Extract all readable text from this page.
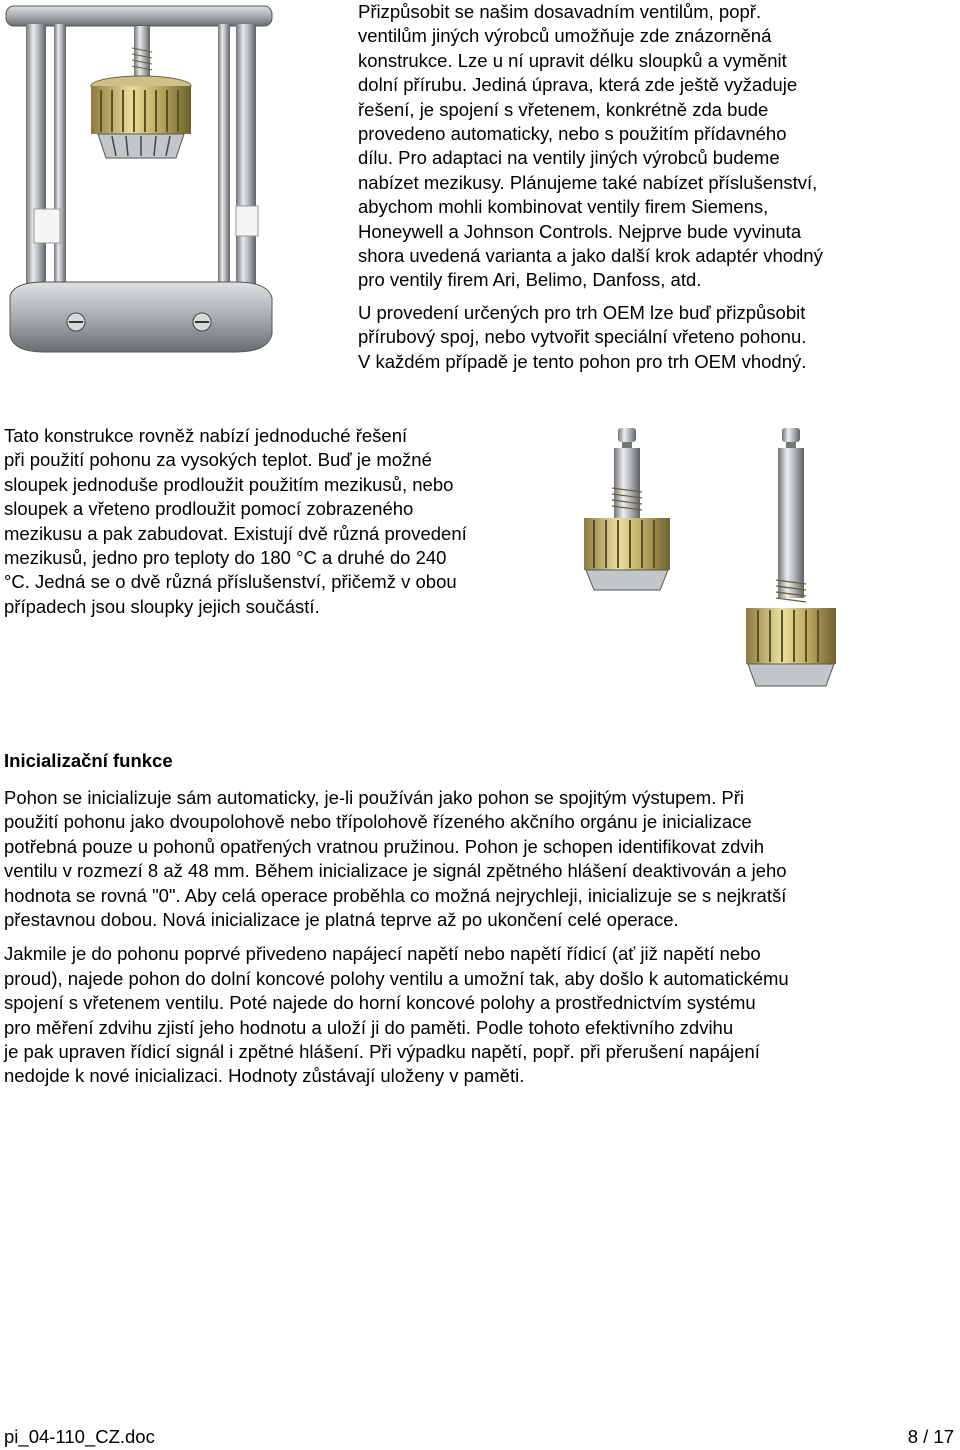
Přizpůsobit se našim dosavadním ventilům, popř.
ventilům jiných výrobců umožňuje zde znázorněná
konstrukce. Lze u ní upravit délku sloupků a vyměnit
dolní přírubu. Jediná úprava, která zde ještě vyžaduje
řešení, je spojení s vřetenem, konkrétně zda bude
provedeno automaticky, nebo s použitím přídavného
dílu. Pro adaptaci na ventily jiných výrobců budeme
nabízet mezikusy. Plánujeme také nabízet příslušenství,
abychom mohli kombinovat ventily firem Siemens,
Honeywell a Johnson Controls. Nejprve bude vyvinuta
shora uvedená varianta a jako další krok adaptér vhodný
pro ventily firem Ari, Belimo, Danfoss, atd.

U provedení určených pro trh OEM lze buď přizpůsobit
přírubový spoj, nebo vytvořit speciální vřeteno pohonu.
V každém případě je tento pohon pro trh OEM vhodný.

Tato konstrukce rovněž nabízí jednoduché řešení
při použití pohonu za vysokých teplot. Buď je možné
sloupek jednoduše prodloužit použitím mezikusů, nebo
sloupek a vřeteno prodloužit pomocí zobrazeného
mezikusu a pak zabudovat. Existují dvě různá provedení
mezikusů, jedno pro teploty do 180 °C a druhé do 240
°C. Jedná se o dvě různá příslušenství, přičemž v obou
případech jsou sloupky jejich součástí.

Inicializační funkce

Pohon se inicializuje sám automaticky, je-li používán jako pohon se spojitým výstupem. Při
použití pohonu jako dvoupolohově nebo třípolohově řízeného akčního orgánu je inicializace
potřebná pouze u pohonů opatřených vratnou pružinou. Pohon je schopen identifikovat zdvih
ventilu v rozmezí 8 až 48 mm. Během inicializace je signál zpětného hlášení deaktivován a jeho
hodnota se rovná "0". Aby celá operace proběhla co možná nejrychleji, inicializuje se s nejkratší
přestavnou dobou. Nová inicializace je platná teprve až po ukončení celé operace.

Jakmile je do pohonu poprvé přivedeno napájecí napětí nebo napětí řídicí (ať již napětí nebo
proud), najede pohon do dolní koncové polohy ventilu a umožní tak, aby došlo k automatickému
spojení s vřetenem ventilu. Poté najede do horní koncové polohy a prostřednictvím systému
pro měření zdvihu zjistí jeho hodnotu a uloží ji do paměti. Podle tohoto efektivního zdvihu
je pak upraven řídicí signál i zpětné hlášení. Při výpadku napětí, popř. při přerušení napájení
nedojde k nové inicializaci. Hodnoty zůstávají uloženy v paměti.

pi_04-110_CZ.doc	8 / 17
